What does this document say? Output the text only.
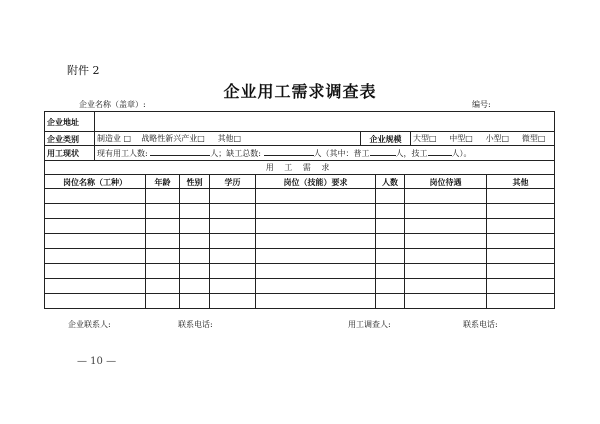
附件 2
企业用工需求调查表
企业名称（盖章）:	编号:
企业地址			
企业类别	制造业 □ 战略性新兴产业□ 其他□	企业规模	大型□ 中型□ 小型□ 微型□
用工现状	现有用工人数: 人；缺工总数: 人（其中：普工 人，技工 人）。		
用 工 需 求							
岗位名称（工种）	年龄	性别	学历	岗位（技能）要求	人数	岗位待遇	其他

企业联系人:	联系电话:	用工调查人:	联系电话:
— 10 —
